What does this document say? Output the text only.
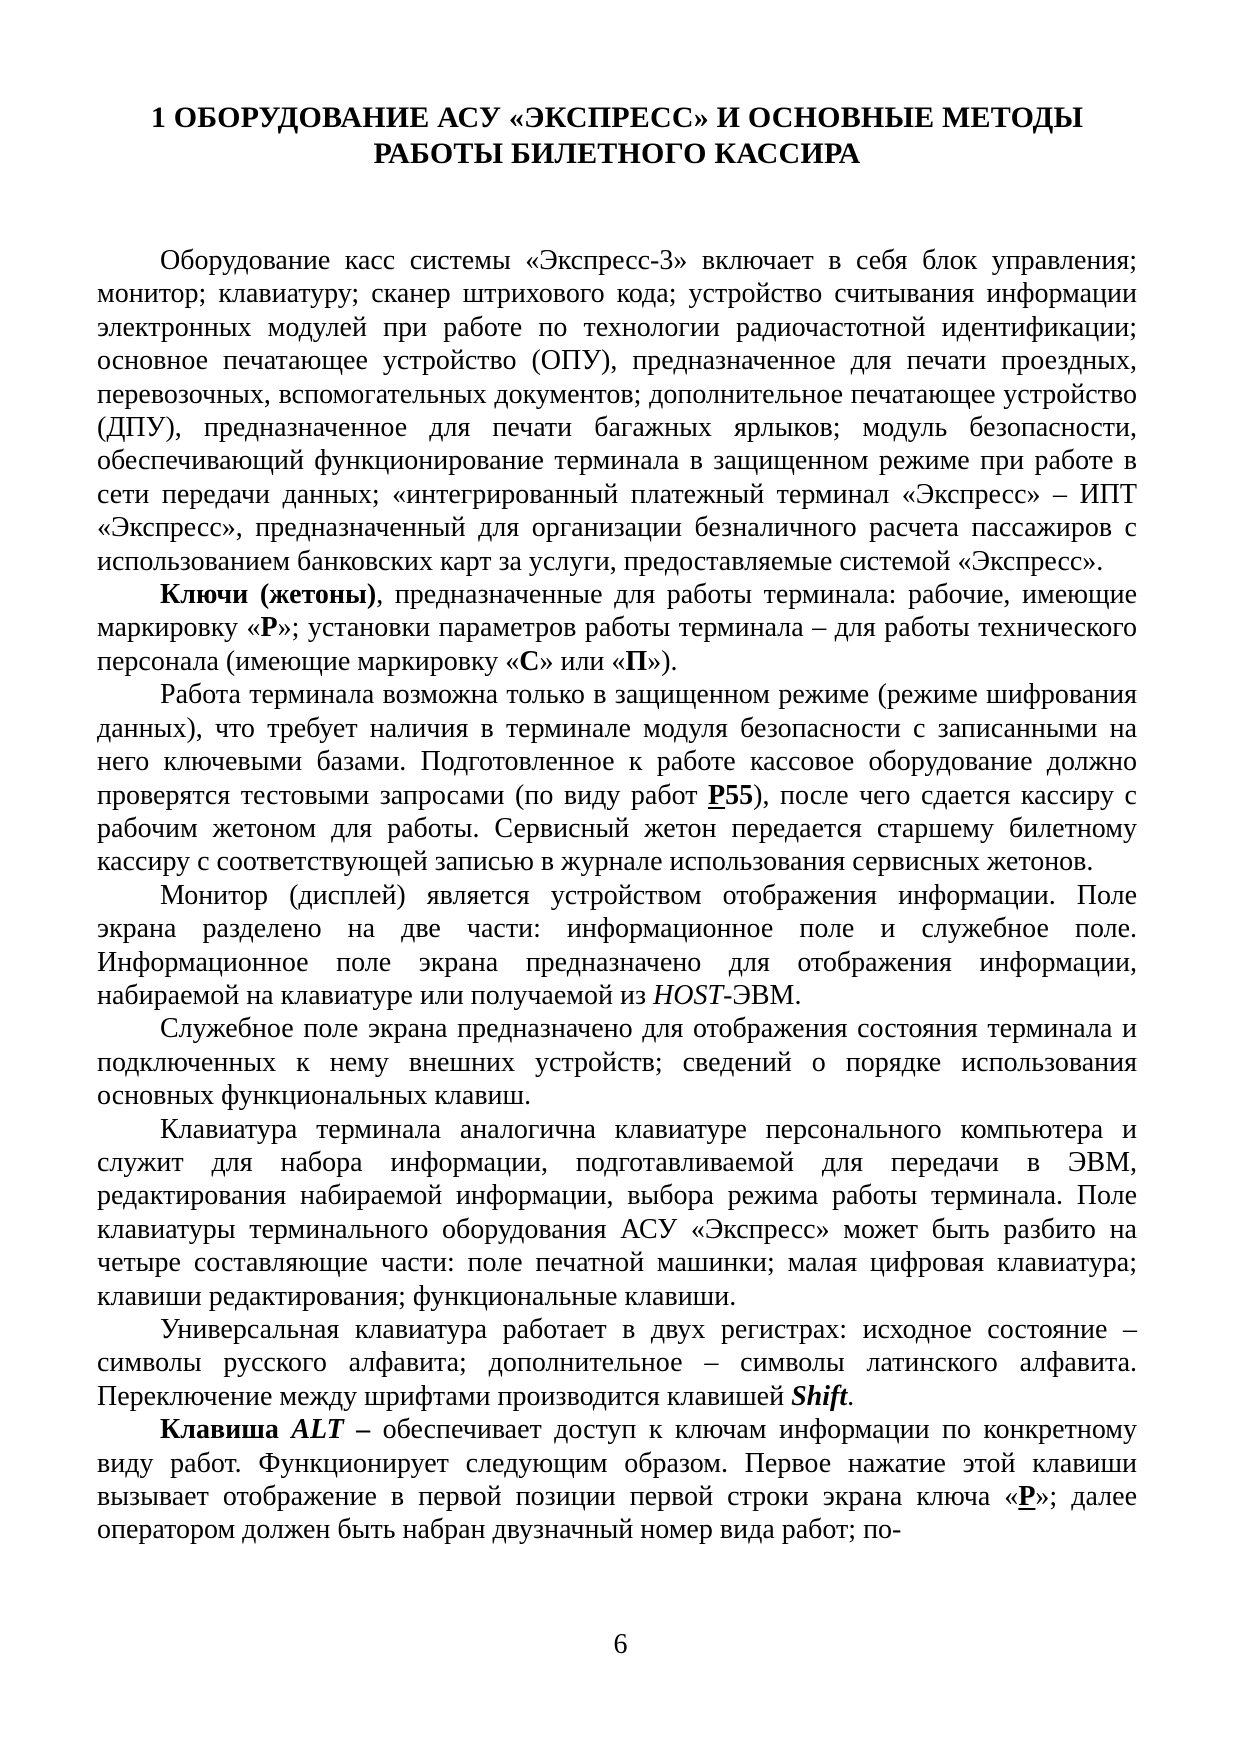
1 ОБОРУДОВАНИЕ АСУ «ЭКСПРЕСС» И ОСНОВНЫЕ МЕТОДЫ
РАБОТЫ БИЛЕТНОГО КАССИРА

Оборудование касс системы «Экспресс-3» включает в себя блок управления; монитор; клавиатуру; сканер штрихового кода; устройство считывания информации электронных модулей при работе по технологии радиочастотной идентификации; основное печатающее устройство (ОПУ), предназначенное для печати проездных, перевозочных, вспомогательных документов; дополнительное печатающее устройство (ДПУ), предназначенное для печати багажных ярлыков; модуль безопасности, обеспечивающий функционирование терминала в защищенном режиме при работе в сети передачи данных; «интегрированный платежный терминал «Экспресс» – ИПТ «Экспресс», предназначенный для организации безналичного расчета пассажиров с использованием банковских карт за услуги, предоставляемые системой «Экспресс».

Ключи (жетоны), предназначенные для работы терминала: рабочие, имеющие маркировку «Р»; установки параметров работы терминала – для работы технического персонала (имеющие маркировку «С» или «П»).

Работа терминала возможна только в защищенном режиме (режиме шифрования данных), что требует наличия в терминале модуля безопасности с записанными на него ключевыми базами. Подготовленное к работе кассовое оборудование должно проверятся тестовыми запросами (по виду работ Р55), после чего сдается кассиру с рабочим жетоном для работы. Сервисный жетон передается старшему билетному кассиру с соответствующей записью в журнале использования сервисных жетонов.

Монитор (дисплей) является устройством отображения информации. Поле экрана разделено на две части: информационное поле и служебное поле. Информационное поле экрана предназначено для отображения информации, набираемой на клавиатуре или получаемой из HOST-ЭВМ.

Служебное поле экрана предназначено для отображения состояния терминала и подключенных к нему внешних устройств; сведений о порядке использования основных функциональных клавиш.

Клавиатура терминала аналогична клавиатуре персонального компьютера и служит для набора информации, подготавливаемой для передачи в ЭВМ, редактирования набираемой информации, выбора режима работы терминала. Поле клавиатуры терминального оборудования АСУ «Экспресс» может быть разбито на четыре составляющие части: поле печатной машинки; малая цифровая клавиатура; клавиши редактирования; функциональные клавиши.

Универсальная клавиатура работает в двух регистрах: исходное состояние – символы русского алфавита; дополнительное – символы латинского алфавита. Переключение между шрифтами производится клавишей Shift.

Клавиша ALT – обеспечивает доступ к ключам информации по конкретному виду работ. Функционирует следующим образом. Первое нажатие этой клавиши вызывает отображение в первой позиции первой строки экрана ключа «Р»; далее оператором должен быть набран двузначный номер вида работ; по-

6
